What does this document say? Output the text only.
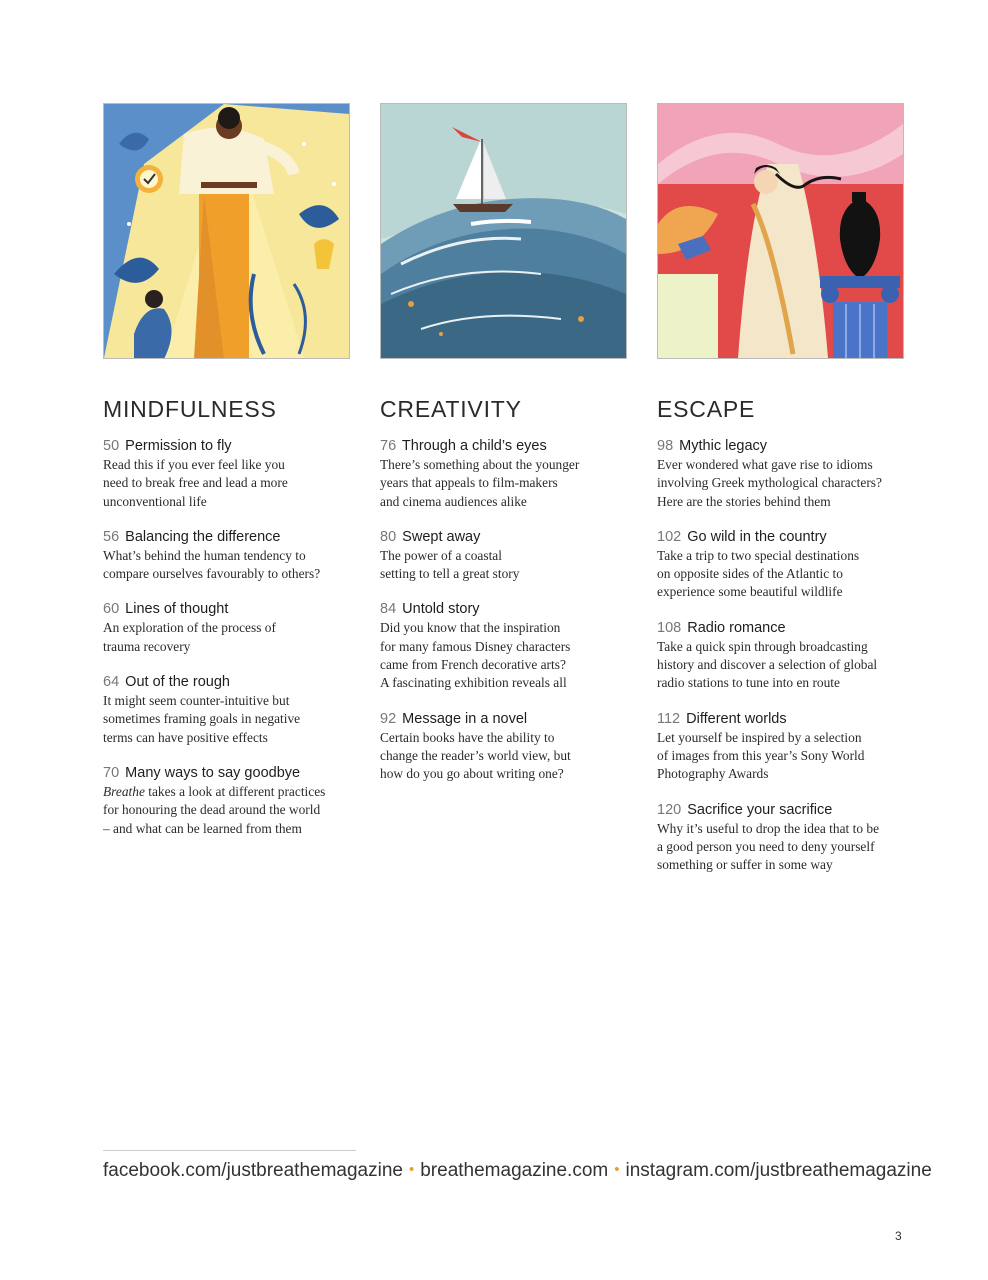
MINDFULNESS
50 Permission to fly
Read this if you ever feel like you
need to break free and lead a more
unconventional life
56 Balancing the difference
What’s behind the human tendency to
compare ourselves favourably to others?
60 Lines of thought
An exploration of the process of
trauma recovery
64 Out of the rough
It might seem counter-intuitive but
sometimes framing goals in negative
terms can have positive effects
70 Many ways to say goodbye
Breathe takes a look at different practices
for honouring the dead around the world
– and what can be learned from them
CREATIVITY
76 Through a child’s eyes
There’s something about the younger
years that appeals to film-makers
and cinema audiences alike
80 Swept away
The power of a coastal
setting to tell a great story
84 Untold story
Did you know that the inspiration
for many famous Disney characters
came from French decorative arts?
A fascinating exhibition reveals all
92 Message in a novel
Certain books have the ability to
change the reader’s world view, but
how do you go about writing one?
ESCAPE
98 Mythic legacy
Ever wondered what gave rise to idioms
involving Greek mythological characters?
Here are the stories behind them
102 Go wild in the country
Take a trip to two special destinations
on opposite sides of the Atlantic to
experience some beautiful wildlife
108 Radio romance
Take a quick spin through broadcasting
history and discover a selection of global
radio stations to tune into en route
112 Different worlds
Let yourself be inspired by a selection
of images from this year’s Sony World
Photography Awards
120 Sacrifice your sacrifice
Why it’s useful to drop the idea that to be
a good person you need to deny yourself
something or suffer in some way
facebook.com/justbreathemagazine • breathemagazine.com • instagram.com/justbreathemagazine
3
